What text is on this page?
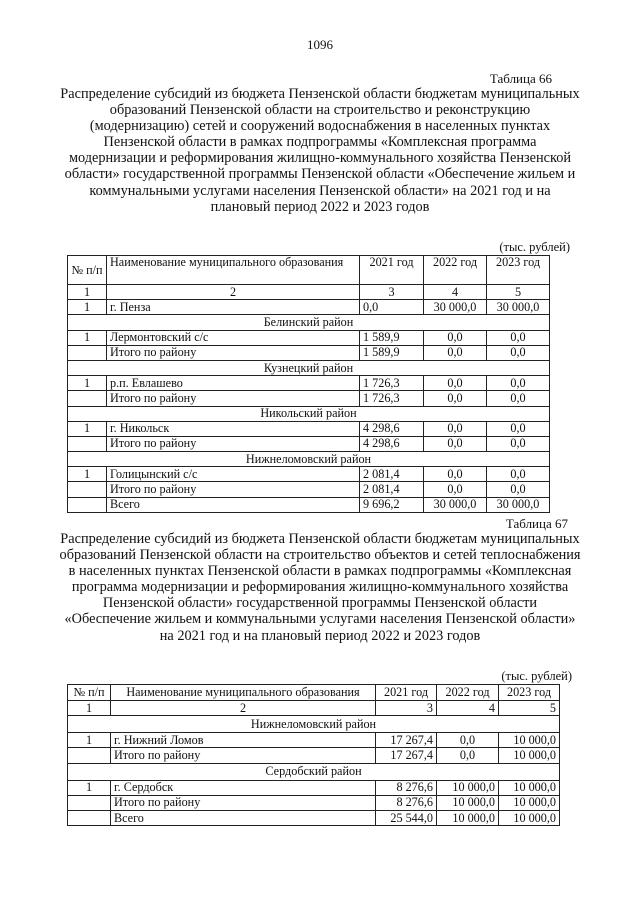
1096
Таблица 66
Распределение субсидий из бюджета Пензенской области бюджетам муниципальных образований Пензенской области на строительство и реконструкцию (модернизацию) сетей и сооружений водоснабжения в населенных пунктах Пензенской области в рамках подпрограммы «Комплексная программа модернизации и реформирования жилищно-коммунального хозяйства Пензенской области» государственной программы Пензенской области «Обеспечение жильем и коммунальными услугами населения Пензенской области» на 2021 год и на плановый период 2022 и 2023 годов
(тыс. рублей)
№ п/п	Наименование муниципального образования	2021 год	2022 год	2023 год
1	2	3	4	5
1	г. Пенза	0,0	30 000,0	30 000,0
Белинский район				
1	Лермонтовский с/с	1 589,9	0,0	0,0
	Итого по району	1 589,9	0,0	0,0
Кузнецкий район				
1	р.п. Евлашево	1 726,3	0,0	0,0
	Итого по району	1 726,3	0,0	0,0
Никольский район				
1	г. Никольск	4 298,6	0,0	0,0
	Итого по району	4 298,6	0,0	0,0
Нижнеломовский район				
1	Голицынский с/с	2 081,4	0,0	0,0
	Итого по району	2 081,4	0,0	0,0
	Всего	9 696,2	30 000,0	30 000,0
Таблица 67
Распределение субсидий из бюджета Пензенской области бюджетам муниципальных образований Пензенской области на строительство объектов и сетей теплоснабжения в населенных пунктах Пензенской области в рамках подпрограммы «Комплексная программа модернизации и реформирования жилищно-коммунального хозяйства Пензенской области» государственной программы Пензенской области «Обеспечение жильем и коммунальными услугами населения Пензенской области» на 2021 год и на плановый период 2022 и 2023 годов
(тыс. рублей)
№ п/п	Наименование муниципального образования	2021 год	2022 год	2023 год
1	2	3	4	5
Нижнеломовский район				
1	г. Нижний Ломов	17 267,4	0,0	10 000,0
	Итого по району	17 267,4	0,0	10 000,0
Сердобский район				
1	г. Сердобск	8 276,6	10 000,0	10 000,0
	Итого по району	8 276,6	10 000,0	10 000,0
	Всего	25 544,0	10 000,0	10 000,0
